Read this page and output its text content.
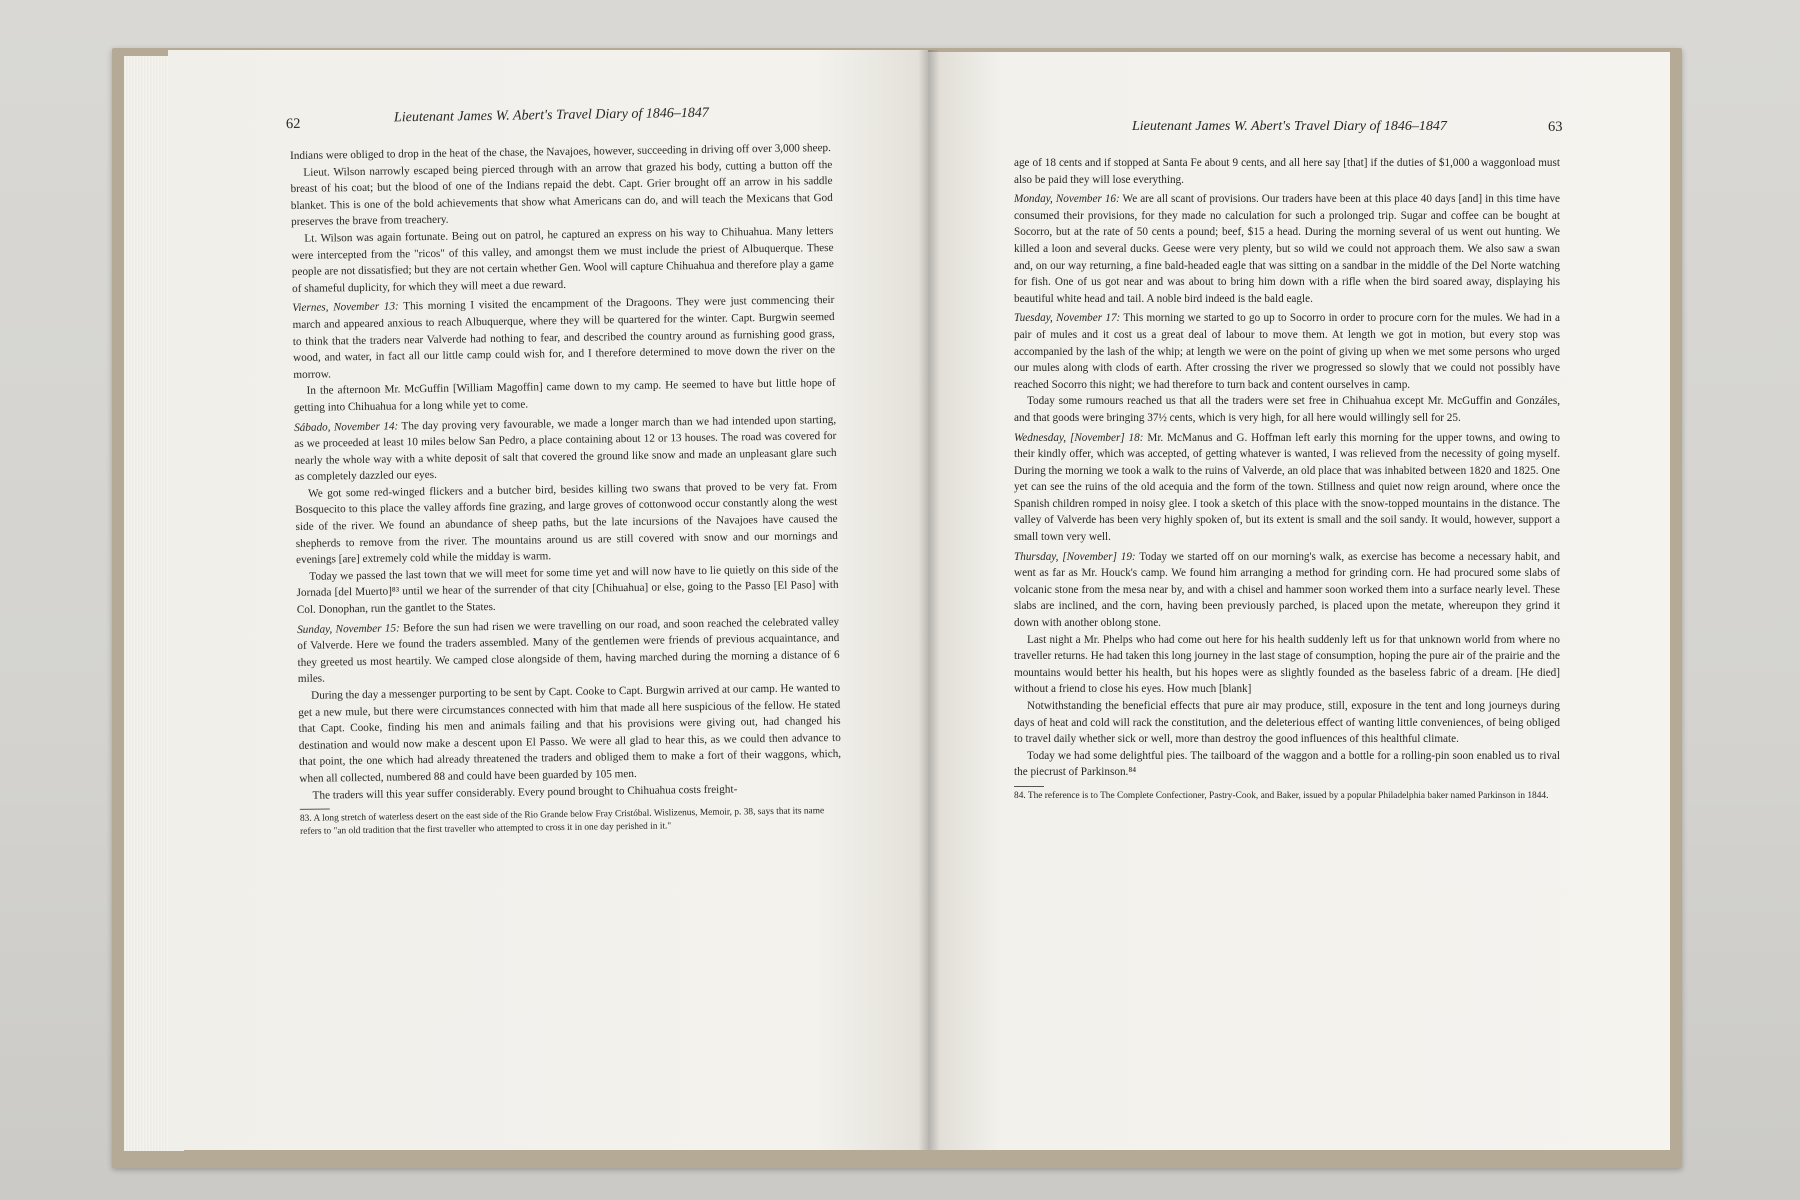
62	Lieutenant James W. Abert's Travel Diary of 1846–1847

Indians were obliged to drop in the heat of the chase, the Navajoes, however, succeeding in driving off over 3,000 sheep.

Lieut. Wilson narrowly escaped being pierced through with an arrow that grazed his body, cutting a button off the breast of his coat; but the blood of one of the Indians repaid the debt. Capt. Grier brought off an arrow in his saddle blanket. This is one of the bold achievements that show what Americans can do, and will teach the Mexicans that God preserves the brave from treachery.

Lt. Wilson was again fortunate. Being out on patrol, he captured an express on his way to Chihuahua. Many letters were intercepted from the "ricos" of this valley, and amongst them we must include the priest of Albuquerque. These people are not dissatisfied; but they are not certain whether Gen. Wool will capture Chihuahua and therefore play a game of shameful duplicity, for which they will meet a due reward.

Viernes, November 13: This morning I visited the encampment of the Dragoons. They were just commencing their march and appeared anxious to reach Albuquerque, where they will be quartered for the winter. Capt. Burgwin seemed to think that the traders near Valverde had nothing to fear, and described the country around as furnishing good grass, wood, and water, in fact all our little camp could wish for, and I therefore determined to move down the river on the morrow.

In the afternoon Mr. McGuffin [William Magoffin] came down to my camp. He seemed to have but little hope of getting into Chihuahua for a long while yet to come.

Sábado, November 14: The day proving very favourable, we made a longer march than we had intended upon starting, as we proceeded at least 10 miles below San Pedro, a place containing about 12 or 13 houses. The road was covered for nearly the whole way with a white deposit of salt that covered the ground like snow and made an unpleasant glare such as completely dazzled our eyes.

We got some red-winged flickers and a butcher bird, besides killing two swans that proved to be very fat. From Bosquecito to this place the valley affords fine grazing, and large groves of cottonwood occur constantly along the west side of the river. We found an abundance of sheep paths, but the late incursions of the Navajoes have caused the shepherds to remove from the river. The mountains around us are still covered with snow and our mornings and evenings [are] extremely cold while the midday is warm.

Today we passed the last town that we will meet for some time yet and will now have to lie quietly on this side of the Jornada [del Muerto]⁸³ until we hear of the surrender of that city [Chihuahua] or else, going to the Passo [El Paso] with Col. Donophan, run the gantlet to the States.

Sunday, November 15: Before the sun had risen we were travelling on our road, and soon reached the celebrated valley of Valverde. Here we found the traders assembled. Many of the gentlemen were friends of previous acquaintance, and they greeted us most heartily. We camped close alongside of them, having marched during the morning a distance of 6 miles.

During the day a messenger purporting to be sent by Capt. Cooke to Capt. Burgwin arrived at our camp. He wanted to get a new mule, but there were circumstances connected with him that made all here suspicious of the fellow. He stated that Capt. Cooke, finding his men and animals failing and that his provisions were giving out, had changed his destination and would now make a descent upon El Passo. We were all glad to hear this, as we could then advance to that point, the one which had already threatened the traders and obliged them to make a fort of their waggons, which, when all collected, numbered 88 and could have been guarded by 105 men.

The traders will this year suffer considerably. Every pound brought to Chihuahua costs freight-

83. A long stretch of waterless desert on the east side of the Rio Grande below Fray Cristóbal. Wislizenus, Memoir, p. 38, says that its name refers to "an old tradition that the first traveller who attempted to cross it in one day perished in it."

Lieutenant James W. Abert's Travel Diary of 1846–1847	63

age of 18 cents and if stopped at Santa Fe about 9 cents, and all here say [that] if the duties of $1,000 a waggonload must also be paid they will lose everything.

Monday, November 16: We are all scant of provisions. Our traders have been at this place 40 days [and] in this time have consumed their provisions, for they made no calculation for such a prolonged trip. Sugar and coffee can be bought at Socorro, but at the rate of 50 cents a pound; beef, $15 a head. During the morning several of us went out hunting. We killed a loon and several ducks. Geese were very plenty, but so wild we could not approach them. We also saw a swan and, on our way returning, a fine bald-headed eagle that was sitting on a sandbar in the middle of the Del Norte watching for fish. One of us got near and was about to bring him down with a rifle when the bird soared away, displaying his beautiful white head and tail. A noble bird indeed is the bald eagle.

Tuesday, November 17: This morning we started to go up to Socorro in order to procure corn for the mules. We had in a pair of mules and it cost us a great deal of labour to move them. At length we got in motion, but every stop was accompanied by the lash of the whip; at length we were on the point of giving up when we met some persons who urged our mules along with clods of earth. After crossing the river we progressed so slowly that we could not possibly have reached Socorro this night; we had therefore to turn back and content ourselves in camp.

Today some rumours reached us that all the traders were set free in Chihuahua except Mr. McGuffin and Gonzáles, and that goods were bringing 37½ cents, which is very high, for all here would willingly sell for 25.

Wednesday, [November] 18: Mr. McManus and G. Hoffman left early this morning for the upper towns, and owing to their kindly offer, which was accepted, of getting whatever is wanted, I was relieved from the necessity of going myself. During the morning we took a walk to the ruins of Valverde, an old place that was inhabited between 1820 and 1825. One yet can see the ruins of the old acequia and the form of the town. Stillness and quiet now reign around, where once the Spanish children romped in noisy glee. I took a sketch of this place with the snow-topped mountains in the distance. The valley of Valverde has been very highly spoken of, but its extent is small and the soil sandy. It would, however, support a small town very well.

Thursday, [November] 19: Today we started off on our morning's walk, as exercise has become a necessary habit, and went as far as Mr. Houck's camp. We found him arranging a method for grinding corn. He had procured some slabs of volcanic stone from the mesa near by, and with a chisel and hammer soon worked them into a surface nearly level. These slabs are inclined, and the corn, having been previously parched, is placed upon the metate, whereupon they grind it down with another oblong stone.

Last night a Mr. Phelps who had come out here for his health suddenly left us for that unknown world from where no traveller returns. He had taken this long journey in the last stage of consumption, hoping the pure air of the prairie and the mountains would better his health, but his hopes were as slightly founded as the baseless fabric of a dream. [He died] without a friend to close his eyes. How much [blank]

Notwithstanding the beneficial effects that pure air may produce, still, exposure in the tent and long journeys during days of heat and cold will rack the constitution, and the deleterious effect of wanting little conveniences, of being obliged to travel daily whether sick or well, more than destroy the good influences of this healthful climate.

Today we had some delightful pies. The tailboard of the waggon and a bottle for a rolling-pin soon enabled us to rival the piecrust of Parkinson.⁸⁴

84. The reference is to The Complete Confectioner, Pastry-Cook, and Baker, issued by a popular Philadelphia baker named Parkinson in 1844.
